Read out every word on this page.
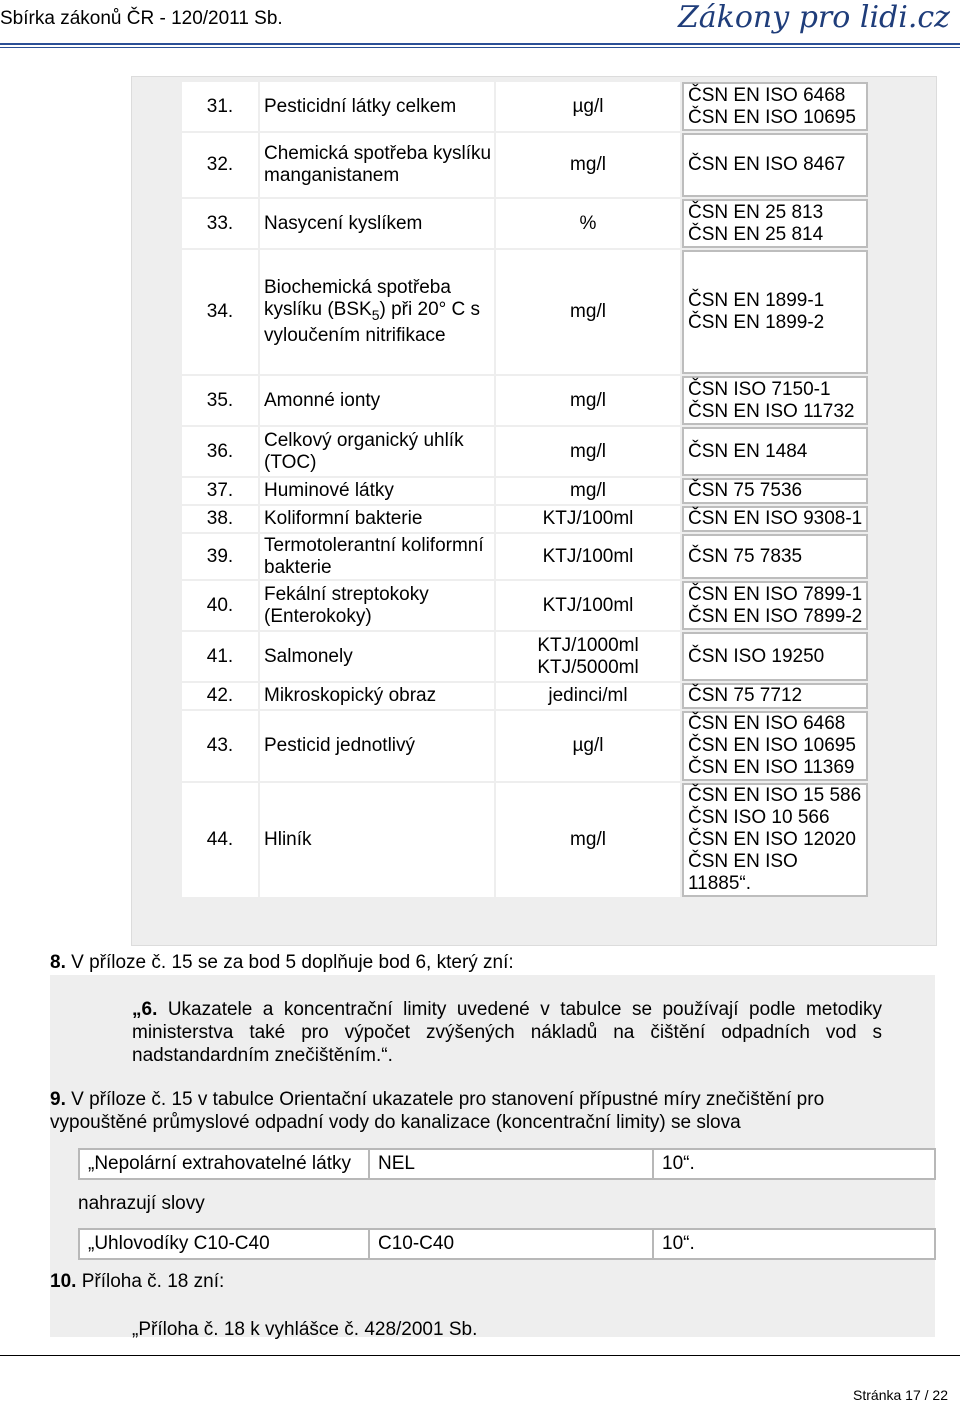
Sbírka zákonů ČR - 120/2011 Sb.	Zákony pro lidi.cz
31.	Pesticidní látky celkem	µg/l	ČSN EN ISO 6468
ČSN EN ISO 10695
32.	Chemická spotřeba kyslíku manganistanem	mg/l	ČSN EN ISO 8467
33.	Nasycení kyslíkem	%	ČSN EN 25 813
ČSN EN 25 814
34.	Biochemická spotřeba kyslíku $(BSK_5)$ při 20° C s vyloučením nitrifikace	mg/l	ČSN EN 1899-1
ČSN EN 1899-2
35.	Amonné ionty	mg/l	ČSN ISO 7150-1
ČSN EN ISO 11732
36.	Celkový organický uhlík (TOC)	mg/l	ČSN EN 1484
37.	Huminové látky	mg/l	ČSN 75 7536
38.	Koliformní bakterie	KTJ/100ml	ČSN EN ISO 9308-1
39.	Termotolerantní koliformní bakterie	KTJ/100ml	ČSN 75 7835
40.	Fekální streptokoky (Enterokoky)	KTJ/100ml	ČSN EN ISO 7899-1
ČSN EN ISO 7899-2
41.	Salmonely	KTJ/1000ml
KTJ/5000ml	ČSN ISO 19250
42.	Mikroskopický obraz	jedinci/ml	ČSN 75 7712
43.	Pesticid jednotlivý	µg/l	ČSN EN ISO 6468
ČSN EN ISO 10695
ČSN EN ISO 11369
44.	Hliník	mg/l	ČSN EN ISO 15 586
ČSN ISO 10 566
ČSN EN ISO 12020
ČSN EN ISO
11885“.
8. V příloze č. 15 se za bod 5 doplňuje bod 6, který zní:
„6. Ukazatele a koncentrační limity uvedené v tabulce se používají podle metodiky ministerstva také pro výpočet zvýšených nákladů na čištění odpadních vod s nadstandardním znečištěním.“.
9. V příloze č. 15 v tabulce Orientační ukazatele pro stanovení přípustné míry znečištění pro vypouštěné průmyslové odpadní vody do kanalizace (koncentrační limity) se slova
„Nepolární extrahovatelné látky	NEL	10“.
nahrazují slovy
„Uhlovodíky C10-C40	C10-C40	10“.
10. Příloha č. 18 zní:
„Příloha č. 18 k vyhlášce č. 428/2001 Sb.
Stránka 17 / 22
